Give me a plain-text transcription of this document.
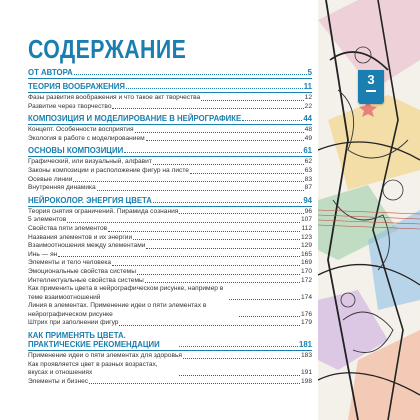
3
СОДЕРЖАНИЕ
ОТ АВТОРА	5
ТЕОРИЯ ВООБРАЖЕНИЯ	11
Фазы развития воображения и что такое акт творчества	12
Развитие через творчество	22
КОМПОЗИЦИЯ И МОДЕЛИРОВАНИЕ В НЕЙРОГРАФИКЕ	44
Концепт. Особенности восприятия	48
Экология в работе с моделированием	49
ОСНОВЫ КОМПОЗИЦИИ	61
Графический, или визуальный, алфавит	62
Законы композиции и расположение фигур на листе	63
Осевые линии	83
Внутренняя динамика	87
НЕЙРОКОЛОР. ЭНЕРГИЯ ЦВЕТА	94
Теория снятия ограничений. Пирамида сознания	96
5 элементов	107
Свойства пяти элементов	112
Названия элементов и их энергии	123
Взаимоотношения между элементами	129
Инь — ян	165
Элементы и тело человека	169
Эмоциональные свойства системы	170
Интеллектуальные свойства системы	172
Как применить цвета в нейрографическом рисунке, например в теме взаимоотношений	174
Линия в элементах. Применение идеи о пяти элементах в нейрографическом рисунке	176
Штрих при заполнении фигур	179
КАК ПРИМЕНЯТЬ ЦВЕТА. ПРАКТИЧЕСКИЕ РЕКОМЕНДАЦИИ	181
Применение идеи о пяти элементах для здоровья	183
Как проявляется цвет в разных возрастах, вкусах и отношениях	191
Элементы и бизнес	198
